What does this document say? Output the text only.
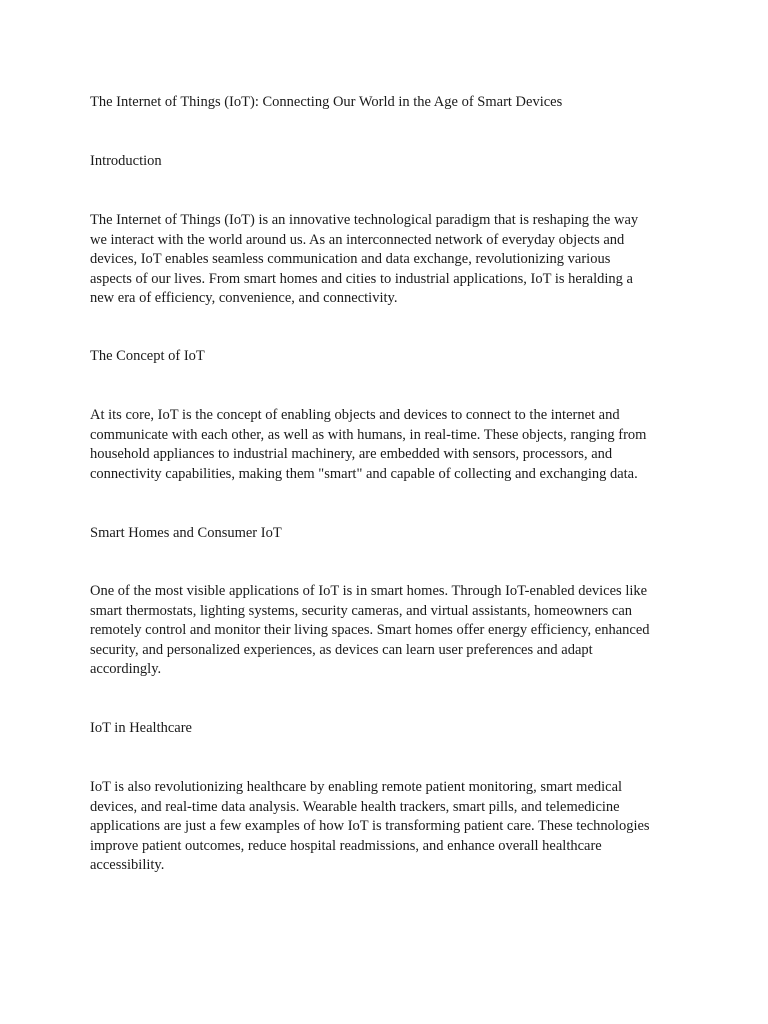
The Internet of Things (IoT): Connecting Our World in the Age of Smart Devices
Introduction
The Internet of Things (IoT) is an innovative technological paradigm that is reshaping the way
we interact with the world around us. As an interconnected network of everyday objects and
devices, IoT enables seamless communication and data exchange, revolutionizing various
aspects of our lives. From smart homes and cities to industrial applications, IoT is heralding a
new era of efficiency, convenience, and connectivity.
The Concept of IoT
At its core, IoT is the concept of enabling objects and devices to connect to the internet and
communicate with each other, as well as with humans, in real-time. These objects, ranging from
household appliances to industrial machinery, are embedded with sensors, processors, and
connectivity capabilities, making them "smart" and capable of collecting and exchanging data.
Smart Homes and Consumer IoT
One of the most visible applications of IoT is in smart homes. Through IoT-enabled devices like
smart thermostats, lighting systems, security cameras, and virtual assistants, homeowners can
remotely control and monitor their living spaces. Smart homes offer energy efficiency, enhanced
security, and personalized experiences, as devices can learn user preferences and adapt
accordingly.
IoT in Healthcare
IoT is also revolutionizing healthcare by enabling remote patient monitoring, smart medical
devices, and real-time data analysis. Wearable health trackers, smart pills, and telemedicine
applications are just a few examples of how IoT is transforming patient care. These technologies
improve patient outcomes, reduce hospital readmissions, and enhance overall healthcare
accessibility.
